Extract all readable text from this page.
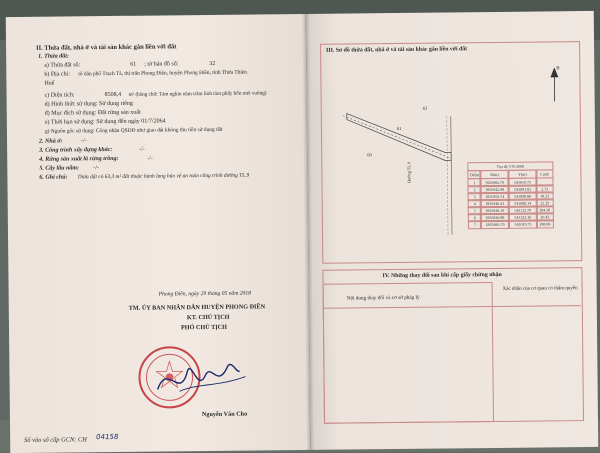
II. Thửa đất, nhà ở và tài sản khác gắn liền với đất
1. Thửa đất:
a) Thửa đất số:	61 ; tờ bản đồ số:	32
b) Địa chỉ: tổ dân phố Trạch Tả, thị trấn Phong Điền, huyện Phong Điền, tỉnh Thừa Thiên
Huế
c) Diện tích:	8508,4 m² (bằng chữ: Tám nghìn năm trăm linh tám phẩy bốn mét vuông)
d) Hình thức sử dụng: Sử dụng riêng
đ) Mục đích sử dụng: Đất rừng sản xuất
e) Thời hạn sử dụng: Sử dụng đến ngày 01/7/2064
g) Nguồn gốc sử dụng: Công nhận QSDĐ như giao đất không thu tiền sử dụng đất
2. Nhà ở:	-/-
3. Công trình xây dựng khác:	-/-
4. Rừng sản xuất là rừng trồng:	-/-
5. Cây lâu năm: -/-
6. Ghi chú: Thửa đất có 63,3 m² đất thuộc hành lang bảo vệ an toàn công trình đường TL.9
Phong Điền, ngày 29 tháng 05 năm 2018
TM. ỦY BAN NHÂN DÂN HUYỆN PHONG ĐIỀN
KT. CHỦ TỊCH
PHÓ CHỦ TỊCH
Nguyễn Văn Cho
Số vào sổ cấp GCN: CH 04158
III. Sơ đồ thửa đất, nhà ở và tài sản khác gắn liền với đất
B
61
60
63
Đường TL.9	Tọa độ VN-2000
Điểm	X(m)	Y(m)	Cạnh
1	1835983.79	541019.75
2	1835942.98	541091.81	2.73
3	1835959.74	541098.86	18.23
4	1835940.41	541080.14	22.29
5	1835828.19	541113.79	284.38
6	1835830.88	541122.16	20.43
7	1835983.79	541019.75	288.86
IV. Những thay đổi sau khi cấp giấy chứng nhận
Nội dung thay đổi và cơ sở pháp lý
Xác nhận của cơ quan có thẩm quyền
